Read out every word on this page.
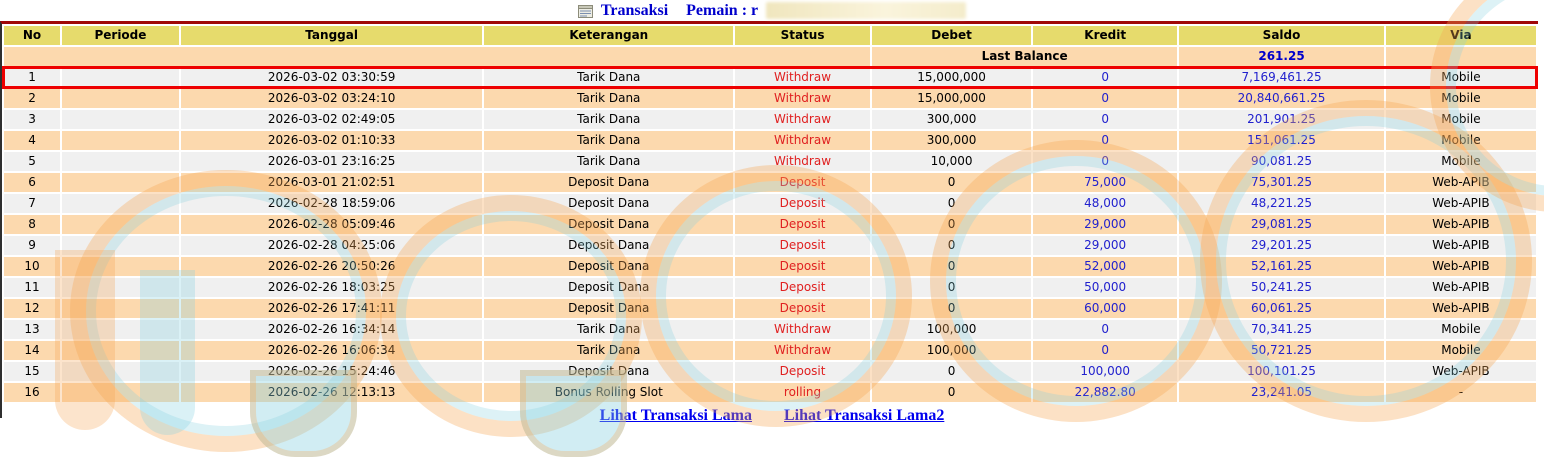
Transaksi Pemain : r
No	Periode	Tanggal	Keterangan	Status	Debet	Kredit	Saldo	Via
					Last Balance		261.25	
1		2026-03-02 03:30:59	Tarik Dana	Withdraw	15,000,000	0	7,169,461.25	Mobile
2		2026-03-02 03:24:10	Tarik Dana	Withdraw	15,000,000	0	20,840,661.25	Mobile
3		2026-03-02 02:49:05	Tarik Dana	Withdraw	300,000	0	201,901.25	Mobile
4		2026-03-02 01:10:33	Tarik Dana	Withdraw	300,000	0	151,061.25	Mobile
5		2026-03-01 23:16:25	Tarik Dana	Withdraw	10,000	0	90,081.25	Mobile
6		2026-03-01 21:02:51	Deposit Dana	Deposit	0	75,000	75,301.25	Web-APIB
7		2026-02-28 18:59:06	Deposit Dana	Deposit	0	48,000	48,221.25	Web-APIB
8		2026-02-28 05:09:46	Deposit Dana	Deposit	0	29,000	29,081.25	Web-APIB
9		2026-02-28 04:25:06	Deposit Dana	Deposit	0	29,000	29,201.25	Web-APIB
10		2026-02-26 20:50:26	Deposit Dana	Deposit	0	52,000	52,161.25	Web-APIB
11		2026-02-26 18:03:25	Deposit Dana	Deposit	0	50,000	50,241.25	Web-APIB
12		2026-02-26 17:41:11	Deposit Dana	Deposit	0	60,000	60,061.25	Web-APIB
13		2026-02-26 16:34:14	Tarik Dana	Withdraw	100,000	0	70,341.25	Mobile
14		2026-02-26 16:06:34	Tarik Dana	Withdraw	100,000	0	50,721.25	Mobile
15		2026-02-26 15:24:46	Deposit Dana	Deposit	0	100,000	100,101.25	Web-APIB
16		2026-02-26 12:13:13	Bonus Rolling Slot	rolling	0	22,882.80	23,241.05	-
Lihat Transaksi Lama Lihat Transaksi Lama2
